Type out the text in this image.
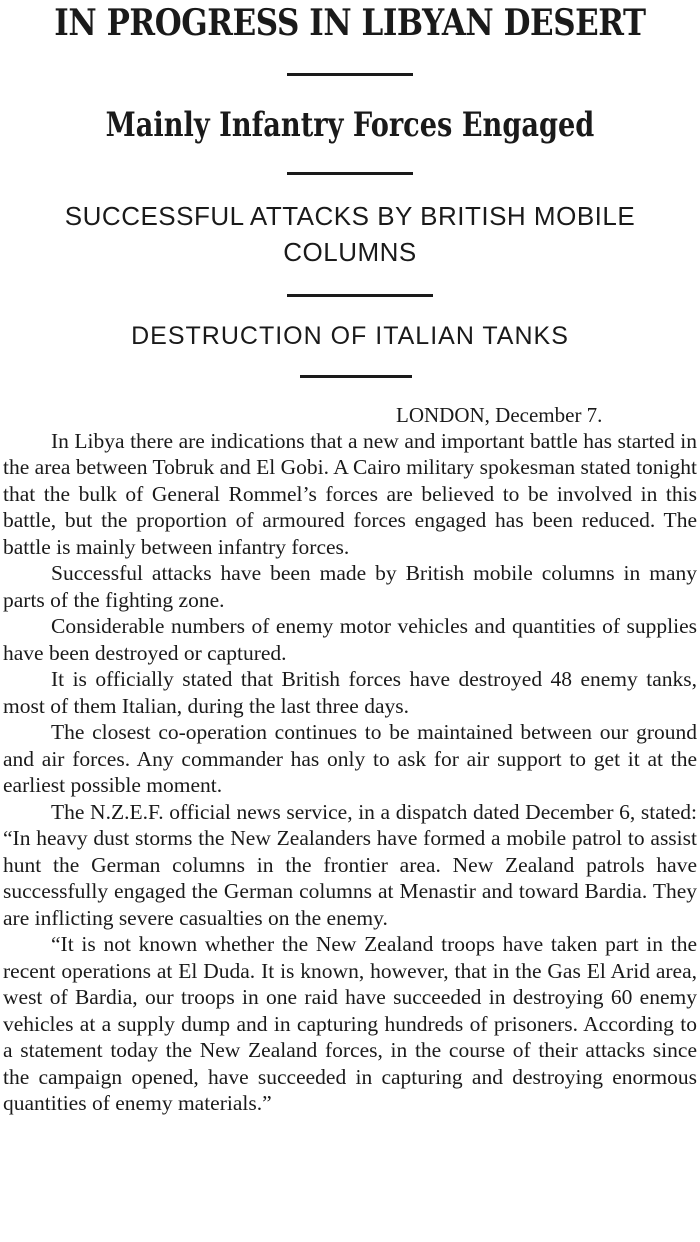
IN PROGRESS IN LIBYAN DESERT
Mainly Infantry Forces Engaged
SUCCESSFUL ATTACKS BY BRITISH MOBILE COLUMNS
DESTRUCTION OF ITALIAN TANKS
LONDON, December 7.

In Libya there are indications that a new and important battle has started in the area between Tobruk and El Gobi. A Cairo military spokesman stated tonight that the bulk of General Rommel’s forces are believed to be involved in this battle, but the proportion of armoured forces engaged has been reduced. The battle is mainly between infantry forces.

Successful attacks have been made by British mobile columns in many parts of the fighting zone.

Considerable numbers of enemy motor vehicles and quantities of supplies have been destroyed or captured.

It is officially stated that British forces have destroyed 48 enemy tanks, most of them Italian, during the last three days.

The closest co-operation continues to be maintained between our ground and air forces. Any commander has only to ask for air support to get it at the earliest possible moment.

The N.Z.E.F. official news service, in a dispatch dated December 6, stated: “In heavy dust storms the New Zealanders have formed a mobile patrol to assist hunt the German columns in the frontier area. New Zealand patrols have successfully engaged the German columns at Menastir and toward Bardia. They are inflicting severe casualties on the enemy.

“It is not known whether the New Zealand troops have taken part in the recent operations at El Duda. It is known, however, that in the Gas El Arid area, west of Bardia, our troops in one raid have succeeded in destroying 60 enemy vehicles at a supply dump and in capturing hundreds of prisoners. According to a statement today the New Zealand forces, in the course of their attacks since the campaign opened, have succeeded in capturing and destroying enormous quantities of enemy materials.”
